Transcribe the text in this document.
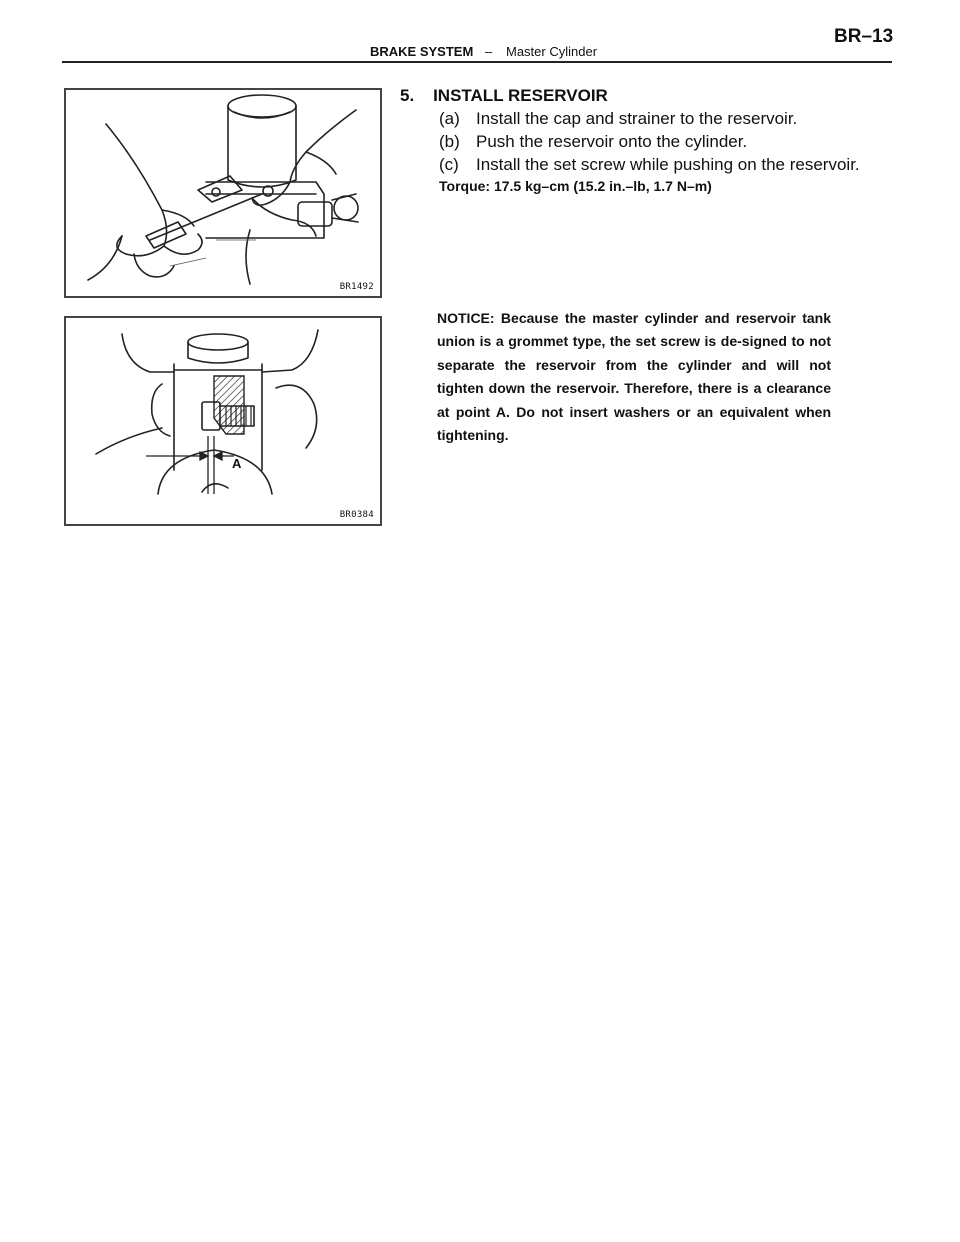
BRAKE SYSTEM – Master Cylinder
BR–13
BR1492
A
BR0384
5.    INSTALL RESERVOIR
(a) Install the cap and strainer to the reservoir.
(b) Push the reservoir onto the cylinder.
(c) Install the set screw while pushing on the reservoir.
Torque: 17.5 kg–cm (15.2 in.–lb, 1.7 N–m)
NOTICE: Because the master cylinder and reservoir tank union is a grommet type, the set screw is de-signed to not separate the reservoir from the cylinder and will not tighten down the reservoir. Therefore, there is a clearance at point A. Do not insert washers or an equivalent when tightening.
